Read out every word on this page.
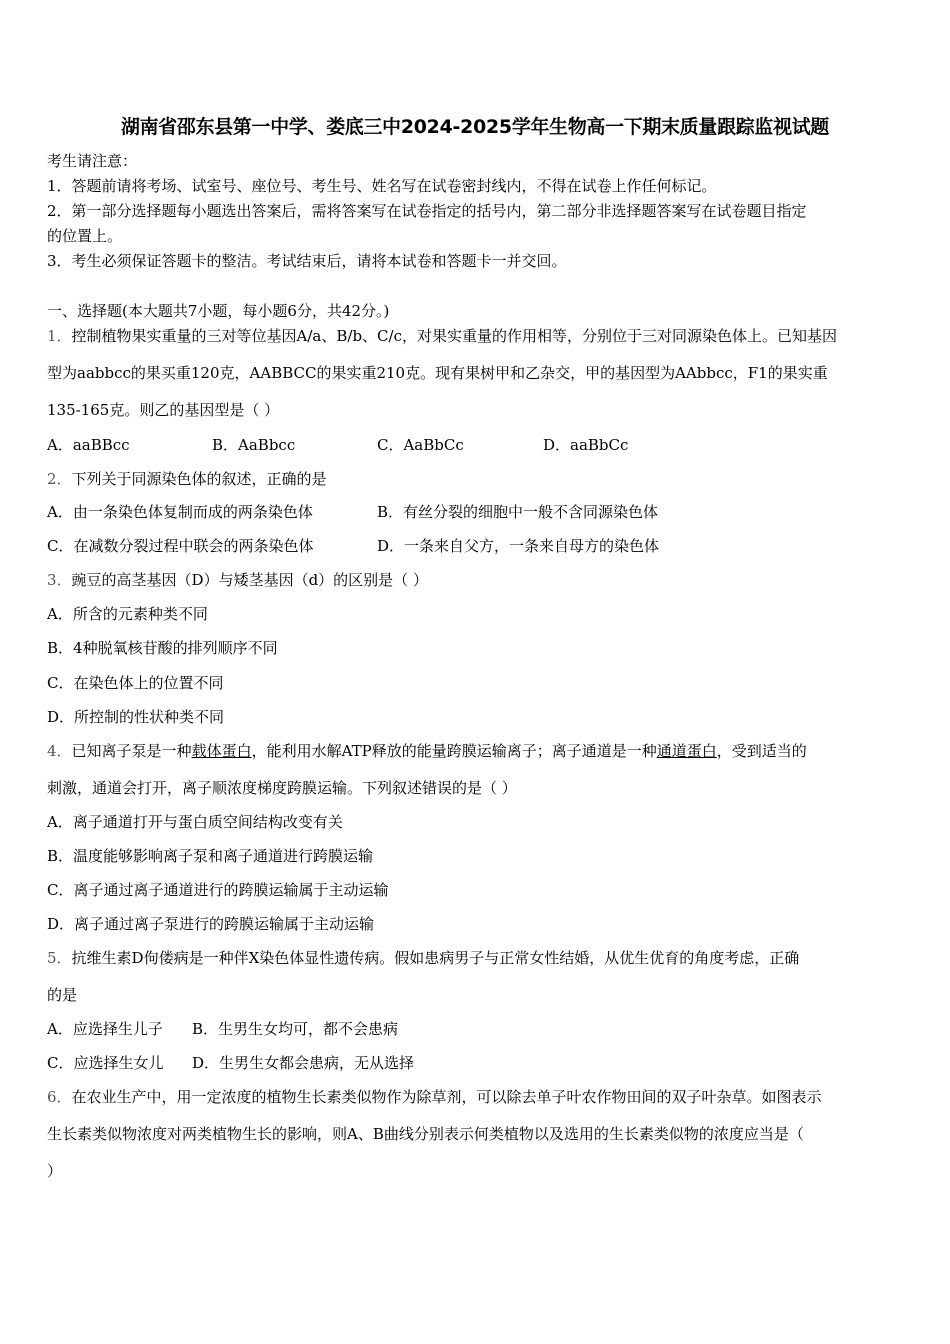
湖南省邵东县第一中学、娄底三中2024-2025学年生物高一下期末质量跟踪监视试题
考生请注意：
1．答题前请将考场、试室号、座位号、考生号、姓名写在试卷密封线内，不得在试卷上作任何标记。
2．第一部分选择题每小题选出答案后，需将答案写在试卷指定的括号内，第二部分非选择题答案写在试卷题目指定
的位置上。
3．考生必须保证答题卡的整洁。考试结束后，请将本试卷和答题卡一并交回。
一、选择题(本大题共7小题，每小题6分，共42分。)
1．控制植物果实重量的三对等位基因A/a、B/b、C/c，对果实重量的作用相等，分别位于三对同源染色体上。已知基因
型为aabbcc的果买重120克，AABBCC的果实重210克。现有果树甲和乙杂交，甲的基因型为AAbbcc，F1的果实重
135-165克。则乙的基因型是（ ）
A．aaBBcc	B．AaBbcc	C．AaBbCc	D．aaBbCc
2．下列关于同源染色体的叙述，正确的是
A．由一条染色体复制而成的两条染色体	B．有丝分裂的细胞中一般不含同源染色体
C．在减数分裂过程中联会的两条染色体	D．一条来自父方，一条来自母方的染色体
3．豌豆的高茎基因（D）与矮茎基因（d）的区别是（ ）
A．所含的元素种类不同
B．4种脱氧核苷酸的排列顺序不同
C．在染色体上的位置不同
D．所控制的性状种类不同
4．已知离子泵是一种载体蛋白，能利用水解ATP释放的能量跨膜运输离子；离子通道是一种通道蛋白，受到适当的
刺激，通道会打开，离子顺浓度梯度跨膜运输。下列叙述错误的是（ ）
A．离子通道打开与蛋白质空间结构改变有关
B．温度能够影响离子泵和离子通道进行跨膜运输
C．离子通过离子通道进行的跨膜运输属于主动运输
D．离子通过离子泵进行的跨膜运输属于主动运输
5．抗维生素D佝偻病是一种伴X染色体显性遗传病。假如患病男子与正常女性结婚，从优生优育的角度考虑，正确
的是
A．应选择生儿子 B．生男生女均可，都不会患病
C．应选择生女儿 D．生男生女都会患病，无从选择
6．在农业生产中，用一定浓度的植物生长素类似物作为除草剂，可以除去单子叶农作物田间的双子叶杂草。如图表示
生长素类似物浓度对两类植物生长的影响，则A、B曲线分别表示何类植物以及选用的生长素类似物的浓度应当是（
）
